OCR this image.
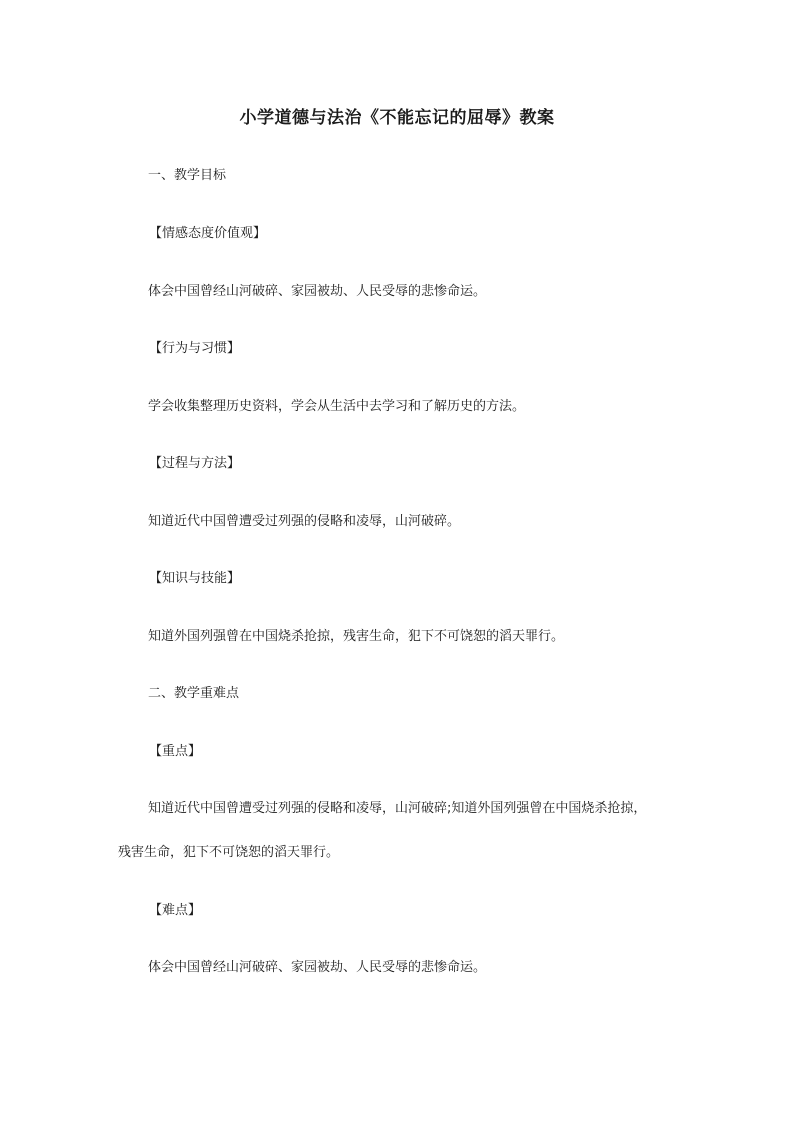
小学道德与法治《不能忘记的屈辱》教案
一、教学目标
【情感态度价值观】
体会中国曾经山河破碎、家园被劫、人民受辱的悲惨命运。
【行为与习惯】
学会收集整理历史资料，学会从生活中去学习和了解历史的方法。
【过程与方法】
知道近代中国曾遭受过列强的侵略和凌辱，山河破碎。
【知识与技能】
知道外国列强曾在中国烧杀抢掠，残害生命，犯下不可饶恕的滔天罪行。
二、教学重难点
【重点】
知道近代中国曾遭受过列强的侵略和凌辱，山河破碎;知道外国列强曾在中国烧杀抢掠，
残害生命，犯下不可饶恕的滔天罪行。
【难点】
体会中国曾经山河破碎、家园被劫、人民受辱的悲惨命运。
